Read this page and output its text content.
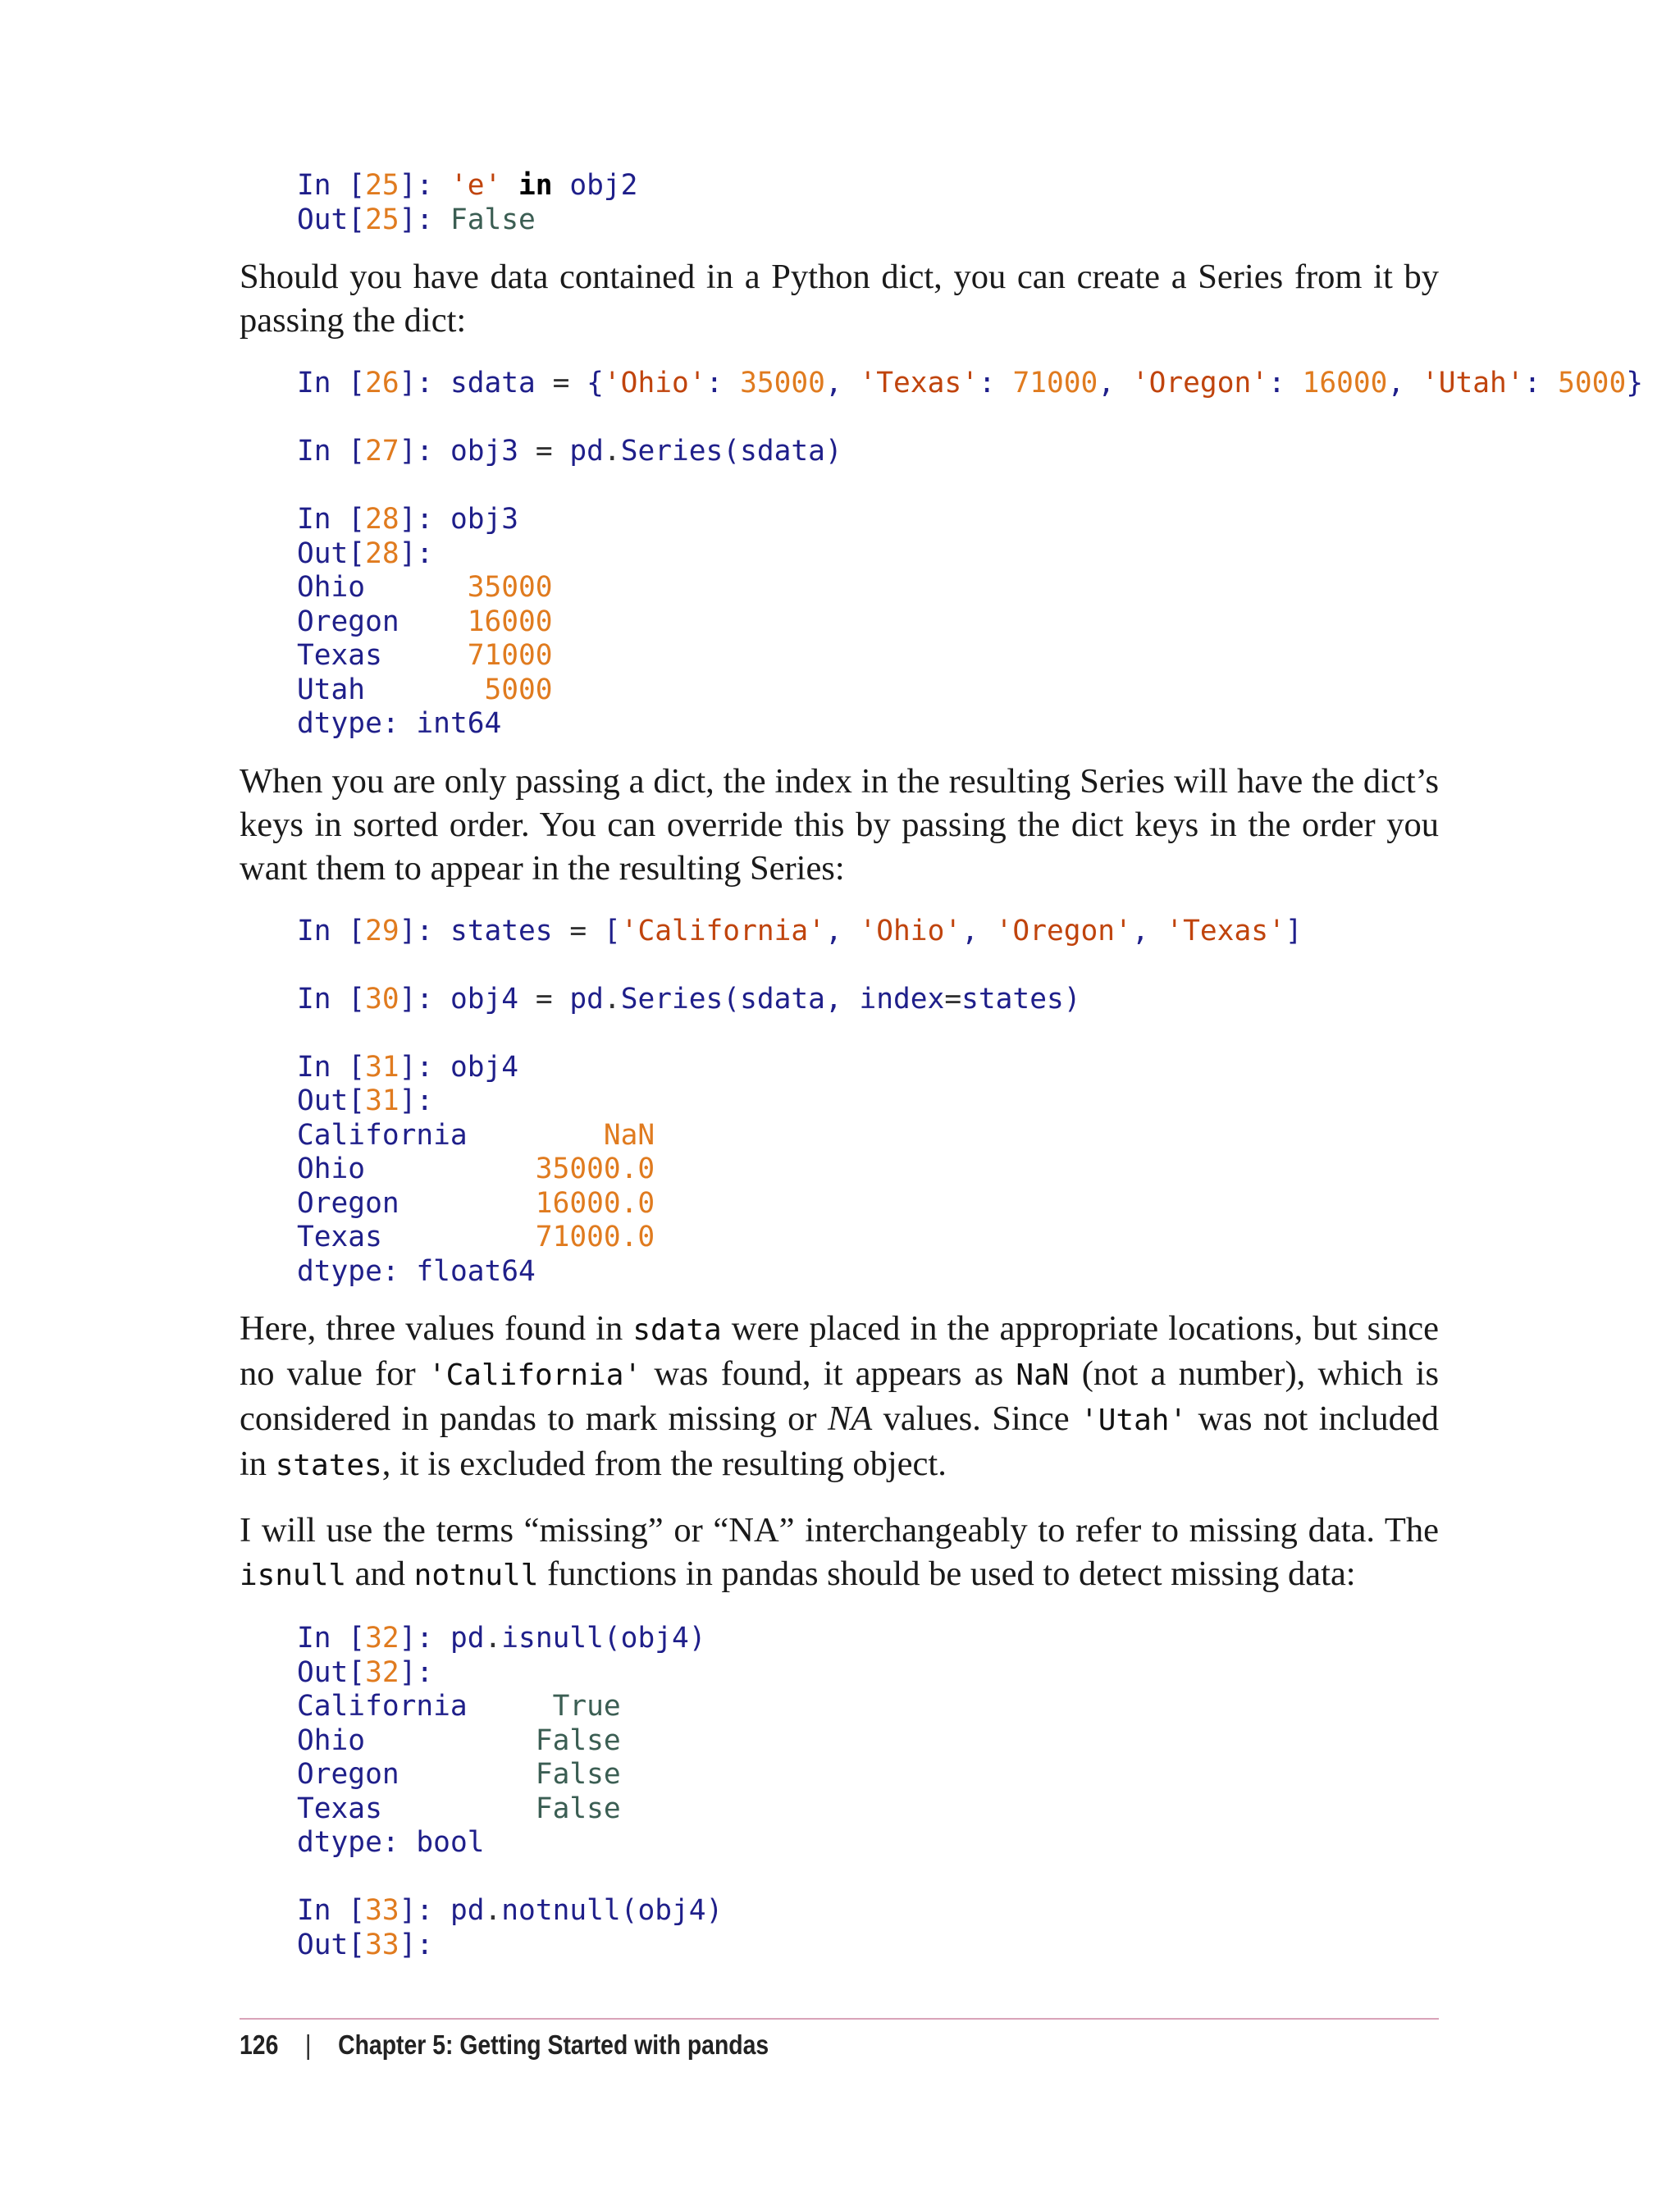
In [25]: 'e' in obj2
Out[25]: False

Should you have data contained in a Python dict, you can create a Series from it by passing the dict:

In [26]: sdata = {'Ohio': 35000, 'Texas': 71000, 'Oregon': 16000, 'Utah': 5000}

In [27]: obj3 = pd.Series(sdata)

In [28]: obj3
Out[28]:
Ohio      35000
Oregon    16000
Texas     71000
Utah       5000
dtype: int64

When you are only passing a dict, the index in the resulting Series will have the dict’s keys in sorted order. You can override this by passing the dict keys in the order you want them to appear in the resulting Series:

In [29]: states = ['California', 'Ohio', 'Oregon', 'Texas']

In [30]: obj4 = pd.Series(sdata, index=states)

In [31]: obj4
Out[31]:
California        NaN
Ohio          35000.0
Oregon        16000.0
Texas         71000.0
dtype: float64

Here, three values found in sdata were placed in the appropriate locations, but since no value for 'California' was found, it appears as NaN (not a number), which is considered in pandas to mark missing or NA values. Since 'Utah' was not included in states, it is excluded from the resulting object.

I will use the terms “missing” or “NA” interchangeably to refer to missing data. The isnull and notnull functions in pandas should be used to detect missing data:

In [32]: pd.isnull(obj4)
Out[32]:
California     True
Ohio          False
Oregon        False
Texas         False
dtype: bool

In [33]: pd.notnull(obj4)
Out[33]:
126 | Chapter 5: Getting Started with pandas
